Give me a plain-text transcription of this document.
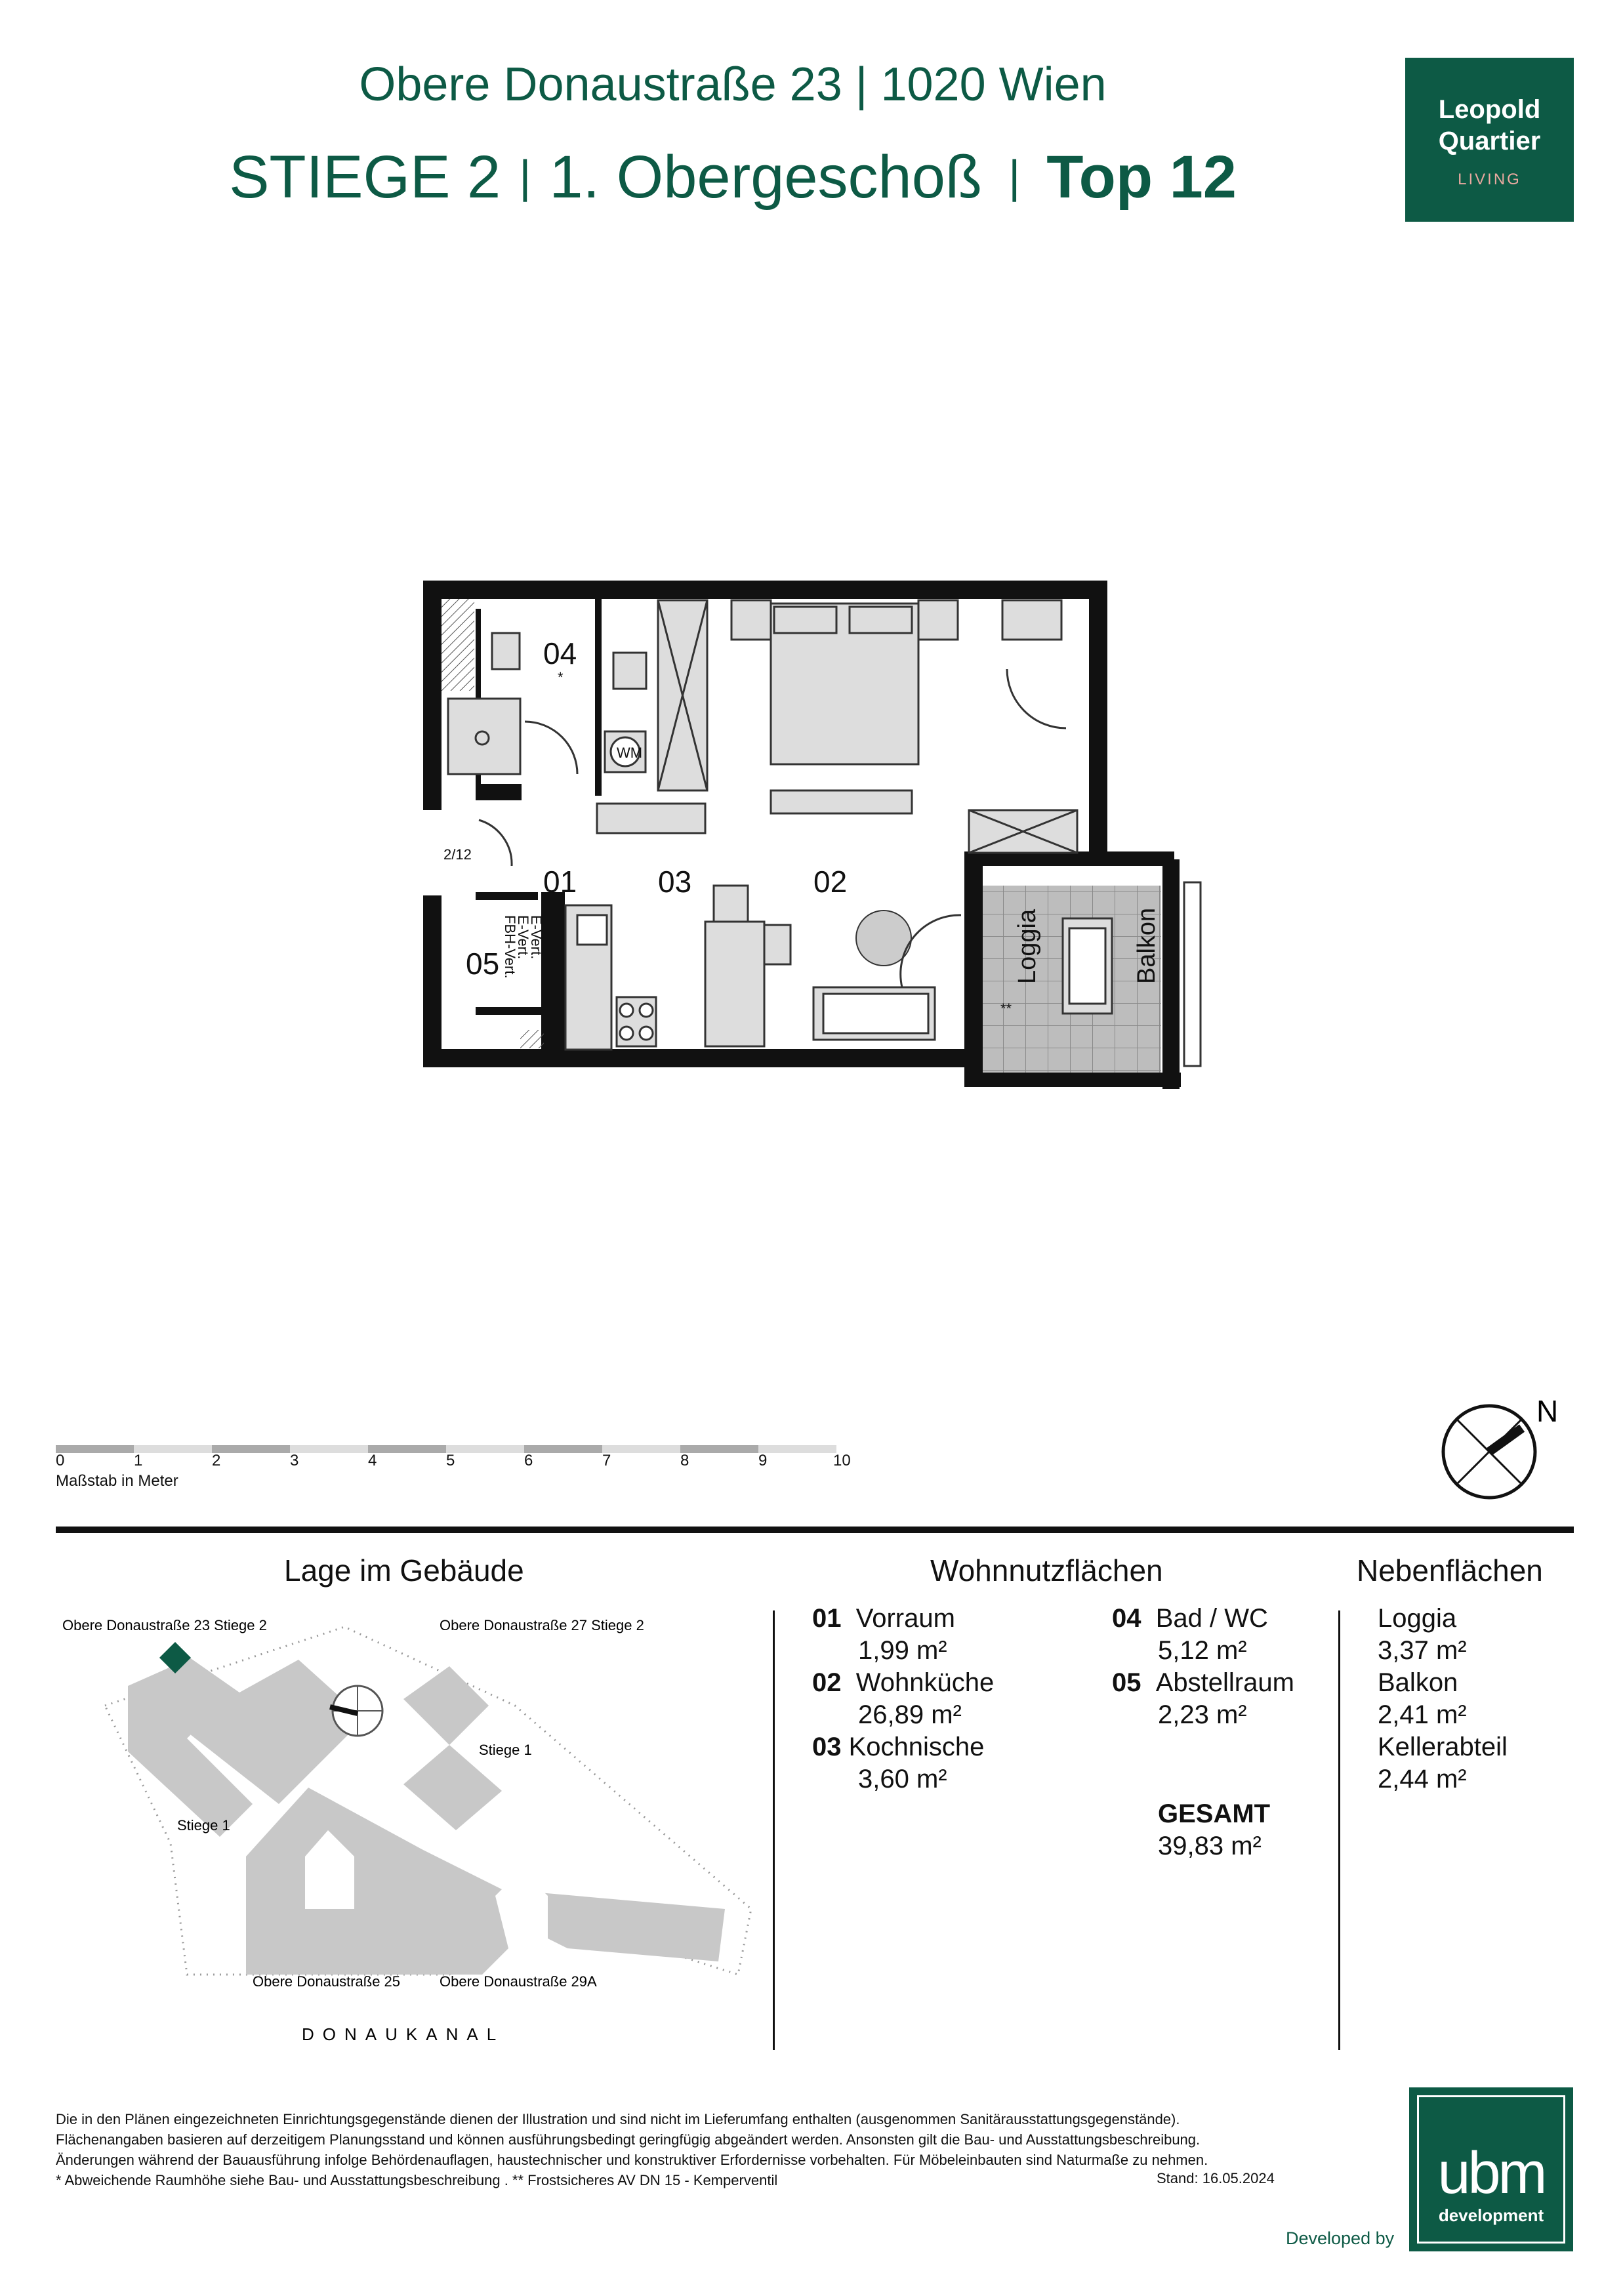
Obere Donaustraße 23 | 1020 Wien
STIEGE 2 | 1. Obergeschoß | Top 12
Leopold
Quartier
LIVING
WM
04
*
01	03	02
05
2/12
Loggia	Balkon
**
E-Vert.
E-Vert.
FBH-Vert.
0	1	2	3	4	5	6	7	8	9	10
Maßstab in Meter
N
Lage im Gebäude
Obere Donaustraße 23 Stiege 2	Obere Donaustraße 27 Stiege 2
Stiege 1
Stiege 1
Obere Donaustraße 25	Obere Donaustraße 29A
DONAUKANAL
Wohnnutzflächen
01 Vorraum
1,99 m²
02 Wohnküche
26,89 m²
03 Kochnische
3,60 m²
04 Bad / WC
5,12 m²
05 Abstellraum
2,23 m²
GESAMT
39,83 m²
Nebenflächen
Loggia
3,37 m²
Balkon
2,41 m²
Kellerabteil
2,44 m²
Die in den Plänen eingezeichneten Einrichtungsgegenstände dienen der Illustration und sind nicht im Lieferumfang enthalten (ausgenommen Sanitärausstattungsgegenstände).
Flächenangaben basieren auf derzeitigem Planungsstand und können ausführungsbedingt geringfügig abgeändert werden. Ansonsten gilt die Bau- und Ausstattungsbeschreibung.
Änderungen während der Bauausführung infolge Behördenauflagen, haustechnischer und konstruktiver Erfordernisse vorbehalten. Für Möbeleinbauten sind Naturmaße zu nehmen.
* Abweichende Raumhöhe siehe Bau- und Ausstattungsbeschreibung . ** Frostsicheres AV DN 15 - Kemperventil	Stand: 16.05.2024
Developed by
ubm
development
